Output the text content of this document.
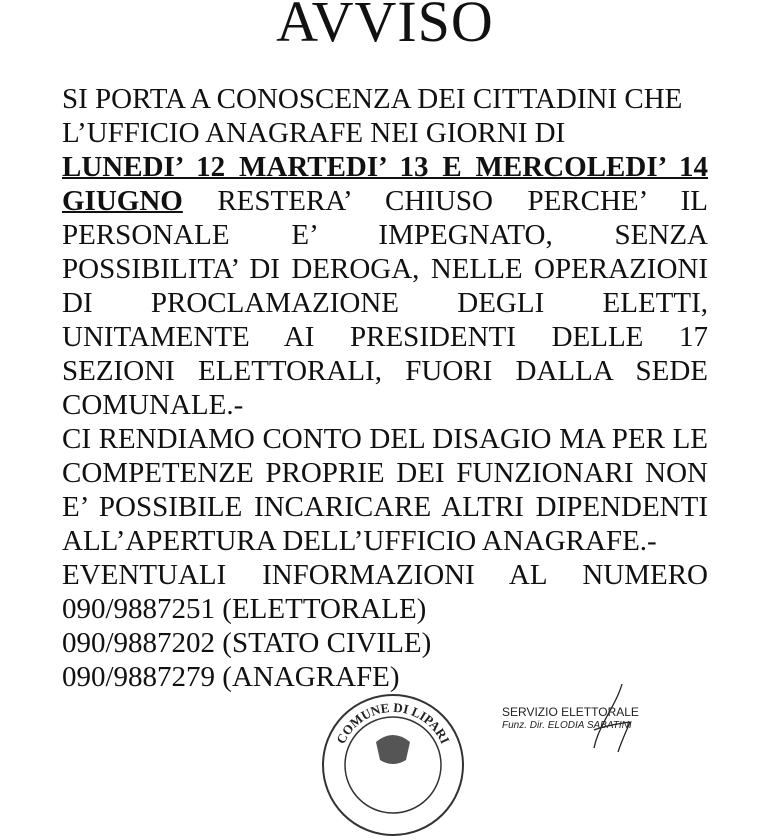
AVVISO
SI PORTA A CONOSCENZA DEI CITTADINI CHE
L’UFFICIO ANAGRAFE NEI GIORNI DI
LUNEDI’ 12 MARTEDI’ 13 E MERCOLEDI’ 14
GIUGNO RESTERA’ CHIUSO PERCHE’ IL
PERSONALE E’ IMPEGNATO, SENZA
POSSIBILITA’ DI DEROGA, NELLE OPERAZIONI
DI PROCLAMAZIONE DEGLI ELETTI,
UNITAMENTE AI PRESIDENTI DELLE 17
SEZIONI ELETTORALI, FUORI DALLA SEDE
COMUNALE.-
CI RENDIAMO CONTO DEL DISAGIO MA PER LE
COMPETENZE PROPRIE DEI FUNZIONARI NON
E’ POSSIBILE INCARICARE ALTRI DIPENDENTI
ALL’APERTURA DELL’UFFICIO ANAGRAFE.-
EVENTUALI INFORMAZIONI AL NUMERO
090/9887251 (ELETTORALE)
090/9887202 (STATO CIVILE)
090/9887279 (ANAGRAFE)
COMUNE DI LIPARI
SERVIZIO ELETTORALE
Funz. Dir. ELODIA SABATINI
